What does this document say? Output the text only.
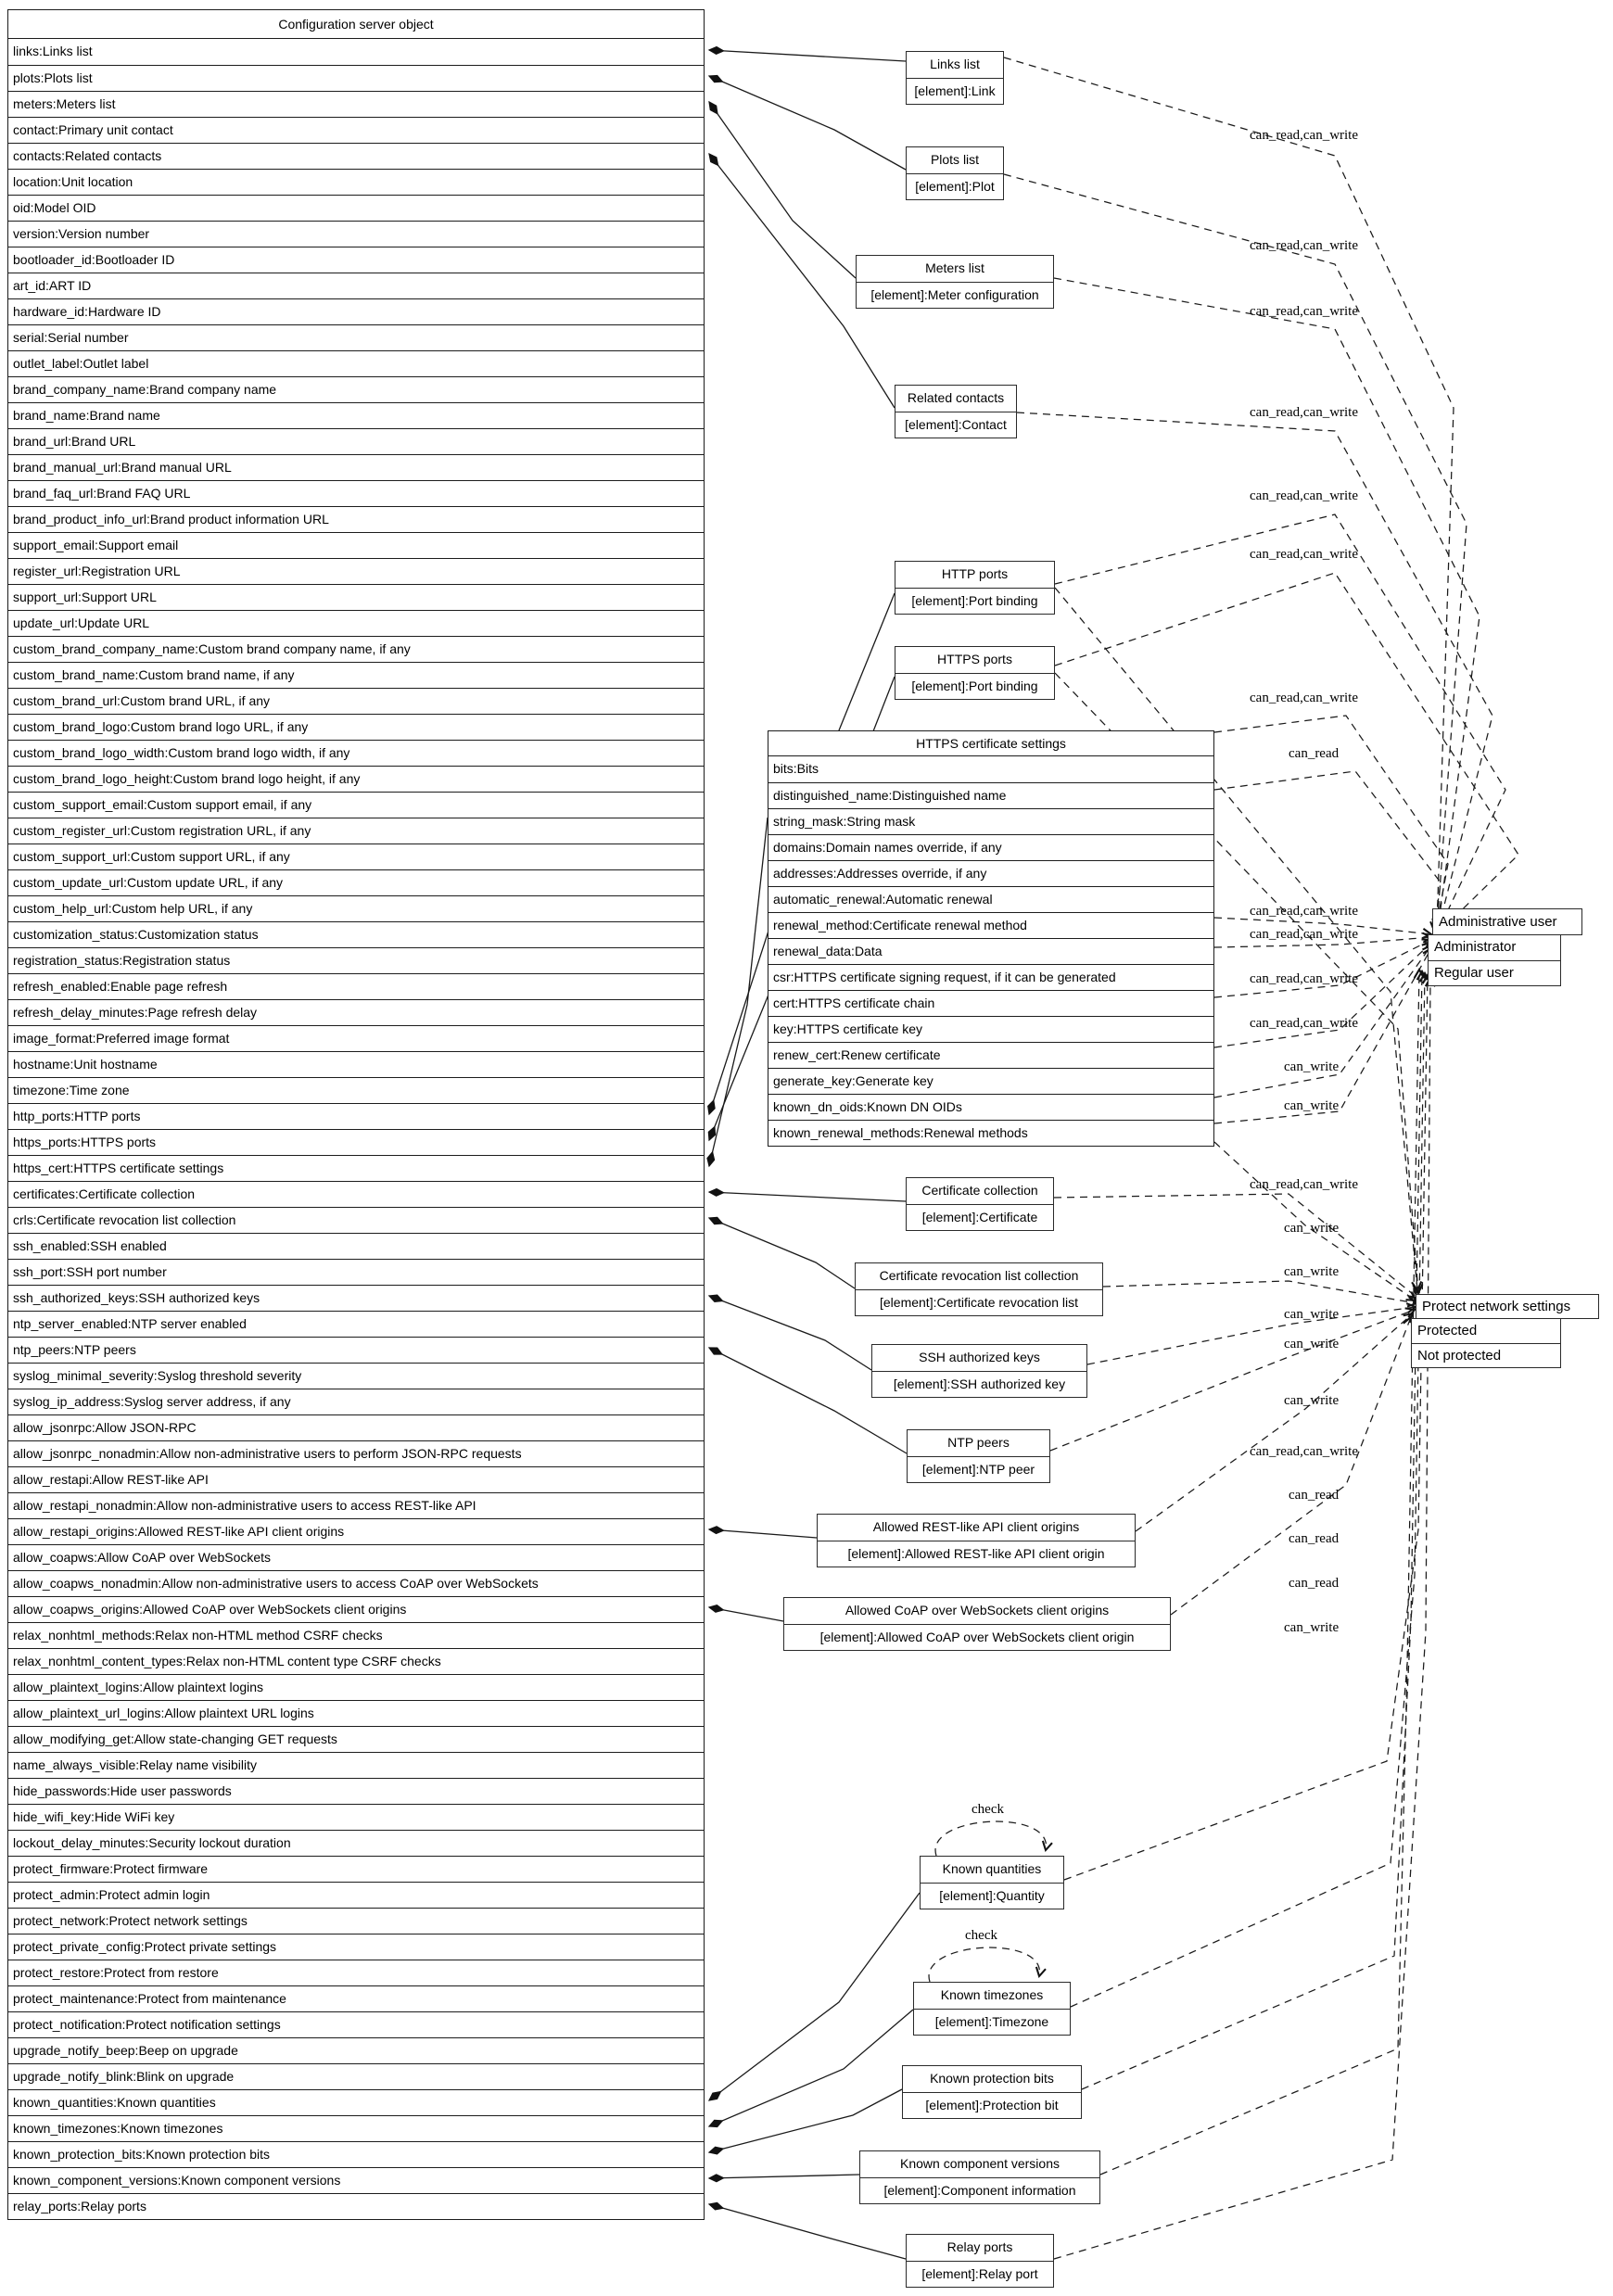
Configuration server object
links:Links list
plots:Plots list
meters:Meters list
contact:Primary unit contact
contacts:Related contacts
location:Unit location
oid:Model OID
version:Version number
bootloader_id:Bootloader ID
art_id:ART ID
hardware_id:Hardware ID
serial:Serial number
outlet_label:Outlet label
brand_company_name:Brand company name
brand_name:Brand name
brand_url:Brand URL
brand_manual_url:Brand manual URL
brand_faq_url:Brand FAQ URL
brand_product_info_url:Brand product information URL
support_email:Support email
register_url:Registration URL
support_url:Support URL
update_url:Update URL
custom_brand_company_name:Custom brand company name, if any
custom_brand_name:Custom brand name, if any
custom_brand_url:Custom brand URL, if any
custom_brand_logo:Custom brand logo URL, if any
custom_brand_logo_width:Custom brand logo width, if any
custom_brand_logo_height:Custom brand logo height, if any
custom_support_email:Custom support email, if any
custom_register_url:Custom registration URL, if any
custom_support_url:Custom support URL, if any
custom_update_url:Custom update URL, if any
custom_help_url:Custom help URL, if any
customization_status:Customization status
registration_status:Registration status
refresh_enabled:Enable page refresh
refresh_delay_minutes:Page refresh delay
image_format:Preferred image format
hostname:Unit hostname
timezone:Time zone
http_ports:HTTP ports
https_ports:HTTPS ports
https_cert:HTTPS certificate settings
certificates:Certificate collection
crls:Certificate revocation list collection
ssh_enabled:SSH enabled
ssh_port:SSH port number
ssh_authorized_keys:SSH authorized keys
ntp_server_enabled:NTP server enabled
ntp_peers:NTP peers
syslog_minimal_severity:Syslog threshold severity
syslog_ip_address:Syslog server address, if any
allow_jsonrpc:Allow JSON-RPC
allow_jsonrpc_nonadmin:Allow non-administrative users to perform JSON-RPC requests
allow_restapi:Allow REST-like API
allow_restapi_nonadmin:Allow non-administrative users to access REST-like API
allow_restapi_origins:Allowed REST-like API client origins
allow_coapws:Allow CoAP over WebSockets
allow_coapws_nonadmin:Allow non-administrative users to access CoAP over WebSockets
allow_coapws_origins:Allowed CoAP over WebSockets client origins
relax_nonhtml_methods:Relax non-HTML method CSRF checks
relax_nonhtml_content_types:Relax non-HTML content type CSRF checks
allow_plaintext_logins:Allow plaintext logins
allow_plaintext_url_logins:Allow plaintext URL logins
allow_modifying_get:Allow state-changing GET requests
name_always_visible:Relay name visibility
hide_passwords:Hide user passwords
hide_wifi_key:Hide WiFi key
lockout_delay_minutes:Security lockout duration
protect_firmware:Protect firmware
protect_admin:Protect admin login
protect_network:Protect network settings
protect_private_config:Protect private settings
protect_restore:Protect from restore
protect_maintenance:Protect from maintenance
protect_notification:Protect notification settings
upgrade_notify_beep:Beep on upgrade
upgrade_notify_blink:Blink on upgrade
known_quantities:Known quantities
known_timezones:Known timezones
known_protection_bits:Known protection bits
known_component_versions:Known component versions
relay_ports:Relay ports
HTTPS certificate settings
bits:Bits
distinguished_name:Distinguished name
string_mask:String mask
domains:Domain names override, if any
addresses:Addresses override, if any
automatic_renewal:Automatic renewal
renewal_method:Certificate renewal method
renewal_data:Data
csr:HTTPS certificate signing request, if it can be generated
cert:HTTPS certificate chain
key:HTTPS certificate key
renew_cert:Renew certificate
generate_key:Generate key
known_dn_oids:Known DN OIDs
known_renewal_methods:Renewal methods
Links list
[element]:Link
Plots list
[element]:Plot
Meters list
[element]:Meter configuration
Related contacts
[element]:Contact
HTTP ports
[element]:Port binding
HTTPS ports
[element]:Port binding
Certificate collection
[element]:Certificate
Certificate revocation list collection
[element]:Certificate revocation list
SSH authorized keys
[element]:SSH authorized key
NTP peers
[element]:NTP peer
Allowed REST-like API client origins
[element]:Allowed REST-like API client origin
Allowed CoAP over WebSockets client origins
[element]:Allowed CoAP over WebSockets client origin
Known quantities
[element]:Quantity
Known timezones
[element]:Timezone
Known protection bits
[element]:Protection bit
Known component versions
[element]:Component information
Relay ports
[element]:Relay port
Administrative user
Administrator
Regular user
Protect network settings
Protected
Not protected
can_read,can_write
can_read,can_write
can_read,can_write
can_read,can_write
can_read,can_write
can_read,can_write
can_read,can_write
can_read
can_read,can_write
can_read,can_write
can_read,can_write
can_read,can_write
can_write
can_write
can_read,can_write
can_write
can_write
can_write
can_write
can_write
can_read,can_write
can_read
can_read
can_read
can_write
check
check
